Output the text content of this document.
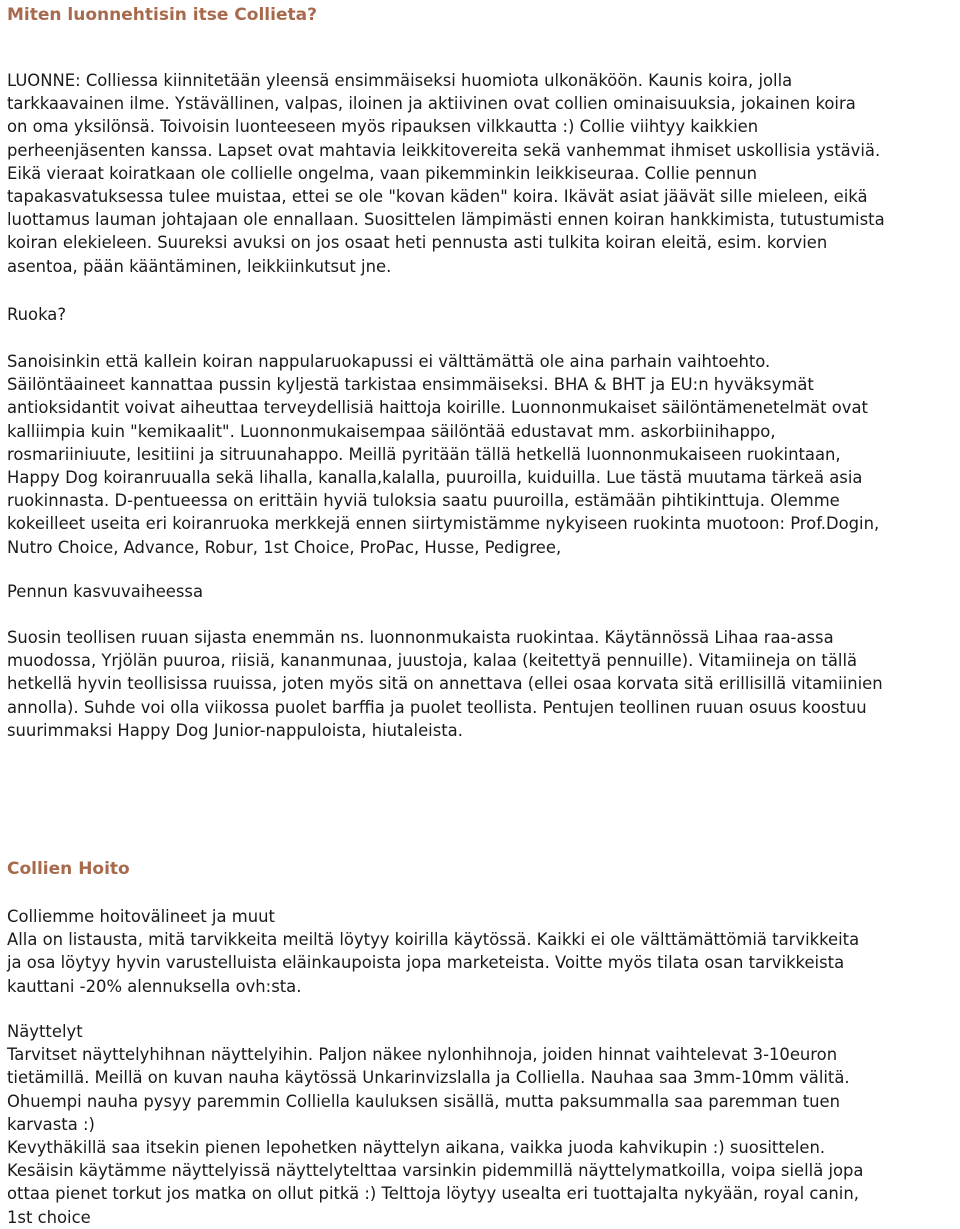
Miten luonnehtisin itse Collieta?

LUONNE: Colliessa kiinnitetään yleensä ensimmäiseksi huomiota ulkonäköön. Kaunis koira, jolla
tarkkaavainen ilme. Ystävällinen, valpas, iloinen ja aktiivinen ovat collien ominaisuuksia, jokainen koira
on oma yksilönsä. Toivoisin luonteeseen myös ripauksen vilkkautta :) Collie viihtyy kaikkien
perheenjäsenten kanssa. Lapset ovat mahtavia leikkitovereita sekä vanhemmat ihmiset uskollisia ystäviä.
Eikä vieraat koiratkaan ole collielle ongelma, vaan pikemminkin leikkiseuraa. Collie pennun
tapakasvatuksessa tulee muistaa, ettei se ole "kovan käden" koira. Ikävät asiat jäävät sille mieleen, eikä
luottamus lauman johtajaan ole ennallaan. Suosittelen lämpimästi ennen koiran hankkimista, tutustumista
koiran elekieleen. Suureksi avuksi on jos osaat heti pennusta asti tulkita koiran eleitä, esim. korvien
asentoa, pään kääntäminen, leikkiinkutsut jne.

Ruoka?

Sanoisinkin että kallein koiran nappularuokapussi ei välttämättä ole aina parhain vaihtoehto.
Säilöntäaineet kannattaa pussin kyljestä tarkistaa ensimmäiseksi. BHA & BHT ja EU:n hyväksymät
antioksidantit voivat aiheuttaa terveydellisiä haittoja koirille. Luonnonmukaiset säilöntämenetelmät ovat
kalliimpia kuin "kemikaalit". Luonnonmukaisempaa säilöntää edustavat mm. askorbiinihappo,
rosmariiniuute, lesitiini ja sitruunahappo. Meillä pyritään tällä hetkellä luonnonmukaiseen ruokintaan,
Happy Dog koiranruualla sekä lihalla, kanalla,kalalla, puuroilla, kuiduilla. Lue tästä muutama tärkeä asia
ruokinnasta. D-pentueessa on erittäin hyviä tuloksia saatu puuroilla, estämään pihtikinttuja. Olemme
kokeilleet useita eri koiranruoka merkkejä ennen siirtymistämme nykyiseen ruokinta muotoon: Prof.Dogin,
Nutro Choice, Advance, Robur, 1st Choice, ProPac, Husse, Pedigree,

Pennun kasvuvaiheessa

Suosin teollisen ruuan sijasta enemmän ns. luonnonmukaista ruokintaa. Käytännössä Lihaa raa-assa
muodossa, Yrjölän puuroa, riisiä, kananmunaa, juustoja, kalaa (keitettyä pennuille). Vitamiineja on tällä
hetkellä hyvin teollisissa ruuissa, joten myös sitä on annettava (ellei osaa korvata sitä erillisillä vitamiinien
annolla). Suhde voi olla viikossa puolet barffia ja puolet teollista. Pentujen teollinen ruuan osuus koostuu
suurimmaksi Happy Dog Junior-nappuloista, hiutaleista.

Collien Hoito

Colliemme hoitovälineet ja muut
Alla on listausta, mitä tarvikkeita meiltä löytyy koirilla käytössä. Kaikki ei ole välttämättömiä tarvikkeita
ja osa löytyy hyvin varustelluista eläinkaupoista jopa marketeista. Voitte myös tilata osan tarvikkeista
kauttani -20% alennuksella ovh:sta.

Näyttelyt
Tarvitset näyttelyhihnan näyttelyihin. Paljon näkee nylonhihnoja, joiden hinnat vaihtelevat 3-10euron
tietämillä. Meillä on kuvan nauha käytössä Unkarinvizslalla ja Colliella. Nauhaa saa 3mm-10mm välitä.
Ohuempi nauha pysyy paremmin Colliella kauluksen sisällä, mutta paksummalla saa paremman tuen
karvasta :)
Kevythäkillä saa itsekin pienen lepohetken näyttelyn aikana, vaikka juoda kahvikupin :) suosittelen.
Kesäisin käytämme näyttelyissä näyttelytelttaa varsinkin pidemmillä näyttelymatkoilla, voipa siellä jopa
ottaa pienet torkut jos matka on ollut pitkä :) Telttoja löytyy usealta eri tuottajalta nykyään, royal canin,
1st choice
